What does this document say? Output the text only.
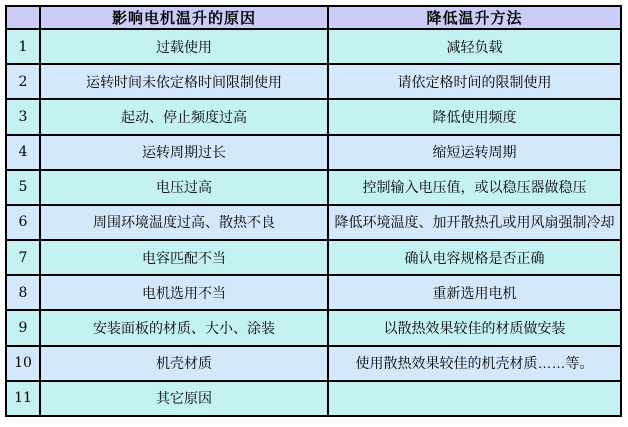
	影响电机温升的原因	降低温升方法
1	过载使用	减轻负载
2	运转时间未依定格时间限制使用	请依定格时间的限制使用
3	起动、停止频度过高	降低使用频度
4	运转周期过长	缩短运转周期
5	电压过高	控制输入电压值，或以稳压器做稳压
6	周围环境温度过高、散热不良	降低环境温度、加开散热孔或用风扇强制冷却
7	电容匹配不当	确认电容规格是否正确
8	电机选用不当	重新选用电机
9	安装面板的材质、大小、涂装	以散热效果较佳的材质做安装
10	机壳材质	使用散热效果较佳的机壳材质……等。
11	其它原因	
